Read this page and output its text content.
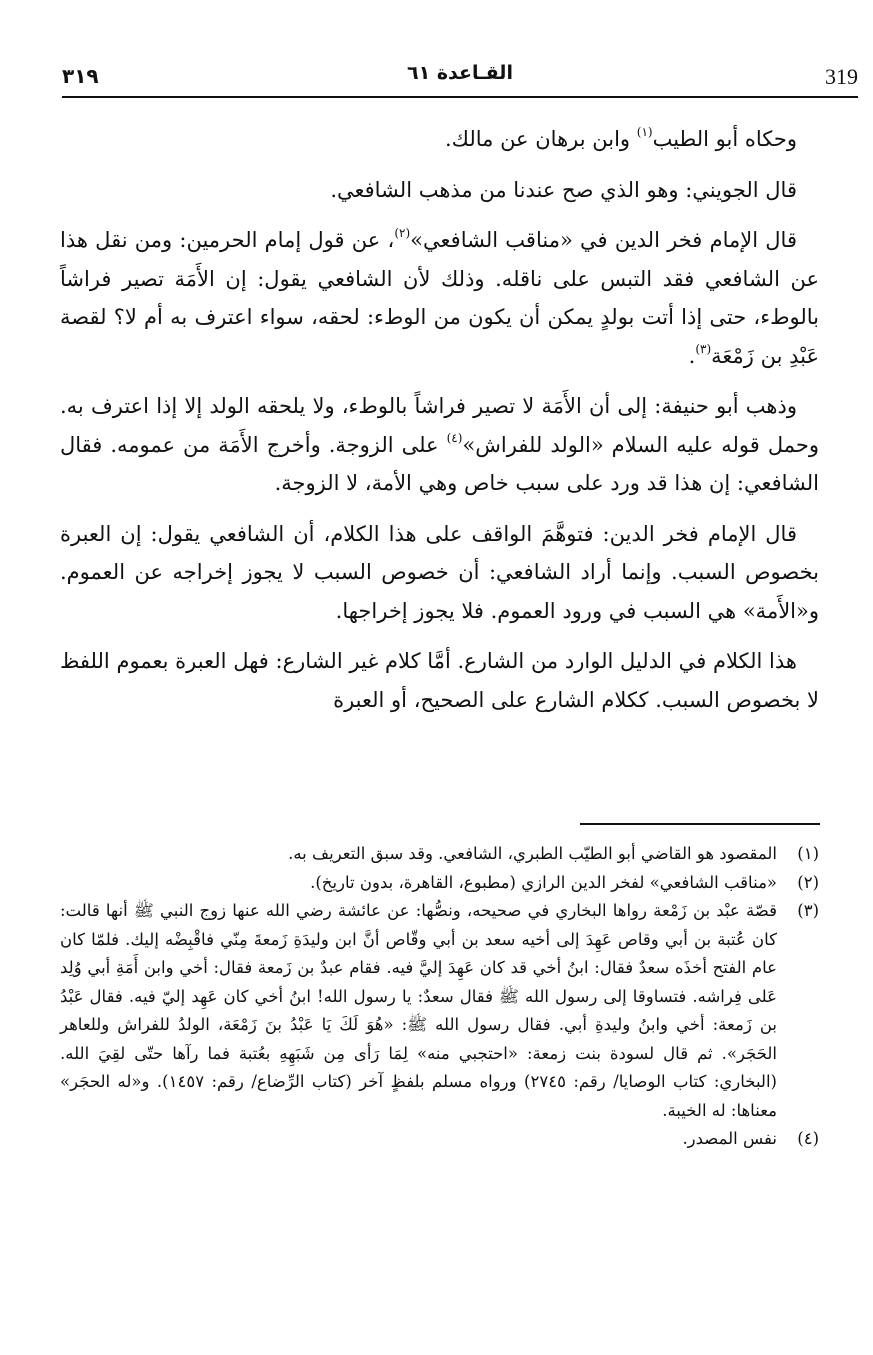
٣١٩	القـاعدة ٦١	319

وحكاه أبو الطيب$^{(١)}$ وابن برهان عن مالك.

قال الجويني: وهو الذي صح عندنا من مذهب الشافعي.

قال الإمام فخر الدين في «مناقب الشافعي»$^{(٢)}$، عن قول إمام الحرمين: ومن نقل هذا عن الشافعي فقد التبس على ناقله. وذلك لأن الشافعي يقول: إن الأَمَة تصير فراشاً بالوطء، حتى إذا أتت بولدٍ يمكن أن يكون من الوطء: لحقه، سواء اعترف به أم لا؟ لقصة عَبْدِ بن زَمْعَة$^{(٣)}$.

وذهب أبو حنيفة: إلى أن الأَمَة لا تصير فراشاً بالوطء، ولا يلحقه الولد إلا إذا اعترف به. وحمل قوله عليه السلام «الولد للفراش»$^{(٤)}$ على الزوجة. وأخرج الأَمَة من عمومه. فقال الشافعي: إن هذا قد ورد على سبب خاص وهي الأمة، لا الزوجة.

قال الإمام فخر الدين: فتوهَّمَ الواقف على هذا الكلام، أن الشافعي يقول: إن العبرة بخصوص السبب. وإنما أراد الشافعي: أن خصوص السبب لا يجوز إخراجه عن العموم. و«الأَمة» هي السبب في ورود العموم. فلا يجوز إخراجها.

هذا الكلام في الدليل الوارد من الشارع. أمَّا كلام غير الشارع: فهل العبرة بعموم اللفظ لا بخصوص السبب. ككلام الشارع على الصحيح، أو العبرة

(١)
المقصود هو القاضي أبو الطيّب الطبري، الشافعي. وقد سبق التعريف به.
(٢)
«مناقب الشافعي» لفخر الدين الرازي (مطبوع، القاهرة، بدون تاريخ).
(٣)
قصّة عبْد بن زَمْعة رواها البخاري في صحيحه، ونصُّها: عن عائشة رضي الله عنها زوج النبي ﷺ أنها قالت: كان عُتبة بن أبي وقاص عَهِدَ إلى أخيه سعد بن أبي وقّاص أنَّ ابن وليدَةِ زَمعةَ مِنّي فاقْبِضْه إليك. فلمّا كان عام الفتح أخذَه سعدٌ فقال: ابنُ أخي قد كان عَهِدَ إليَّ فيه. فقام عبدٌ بن زَمعة فقال: أخي وابن أَمَةِ أبي وُلِد عَلى فِراشه. فتساوقا إلى رسول الله ﷺ فقال سعدٌ: يا رسول الله! ابنُ أخي كان عَهِد إليّ فيه. فقال عَبْدُ بن زَمعة: أخي وابنُ وليدةِ أبي. فقال رسول الله ﷺ: «هُوَ لَكَ يَا عَبْدُ بنَ زَمْعَة، الولدُ للفراش وللعاهر الحَجَر». ثم قال لسودة بنت زمعة: «احتجبي منه» لِمَا رَأى مِن شَبَهِهِ بعُتبة فما رآها حتّى لقِيَ الله. (البخاري: كتاب الوصايا/ رقم: ٢٧٤٥) ورواه مسلم بلفظٍ آخر (كتاب الرِّضاع/ رقم: ١٤٥٧). و«له الحجَر» معناها: له الخيبة.
(٤)
نفس المصدر.
